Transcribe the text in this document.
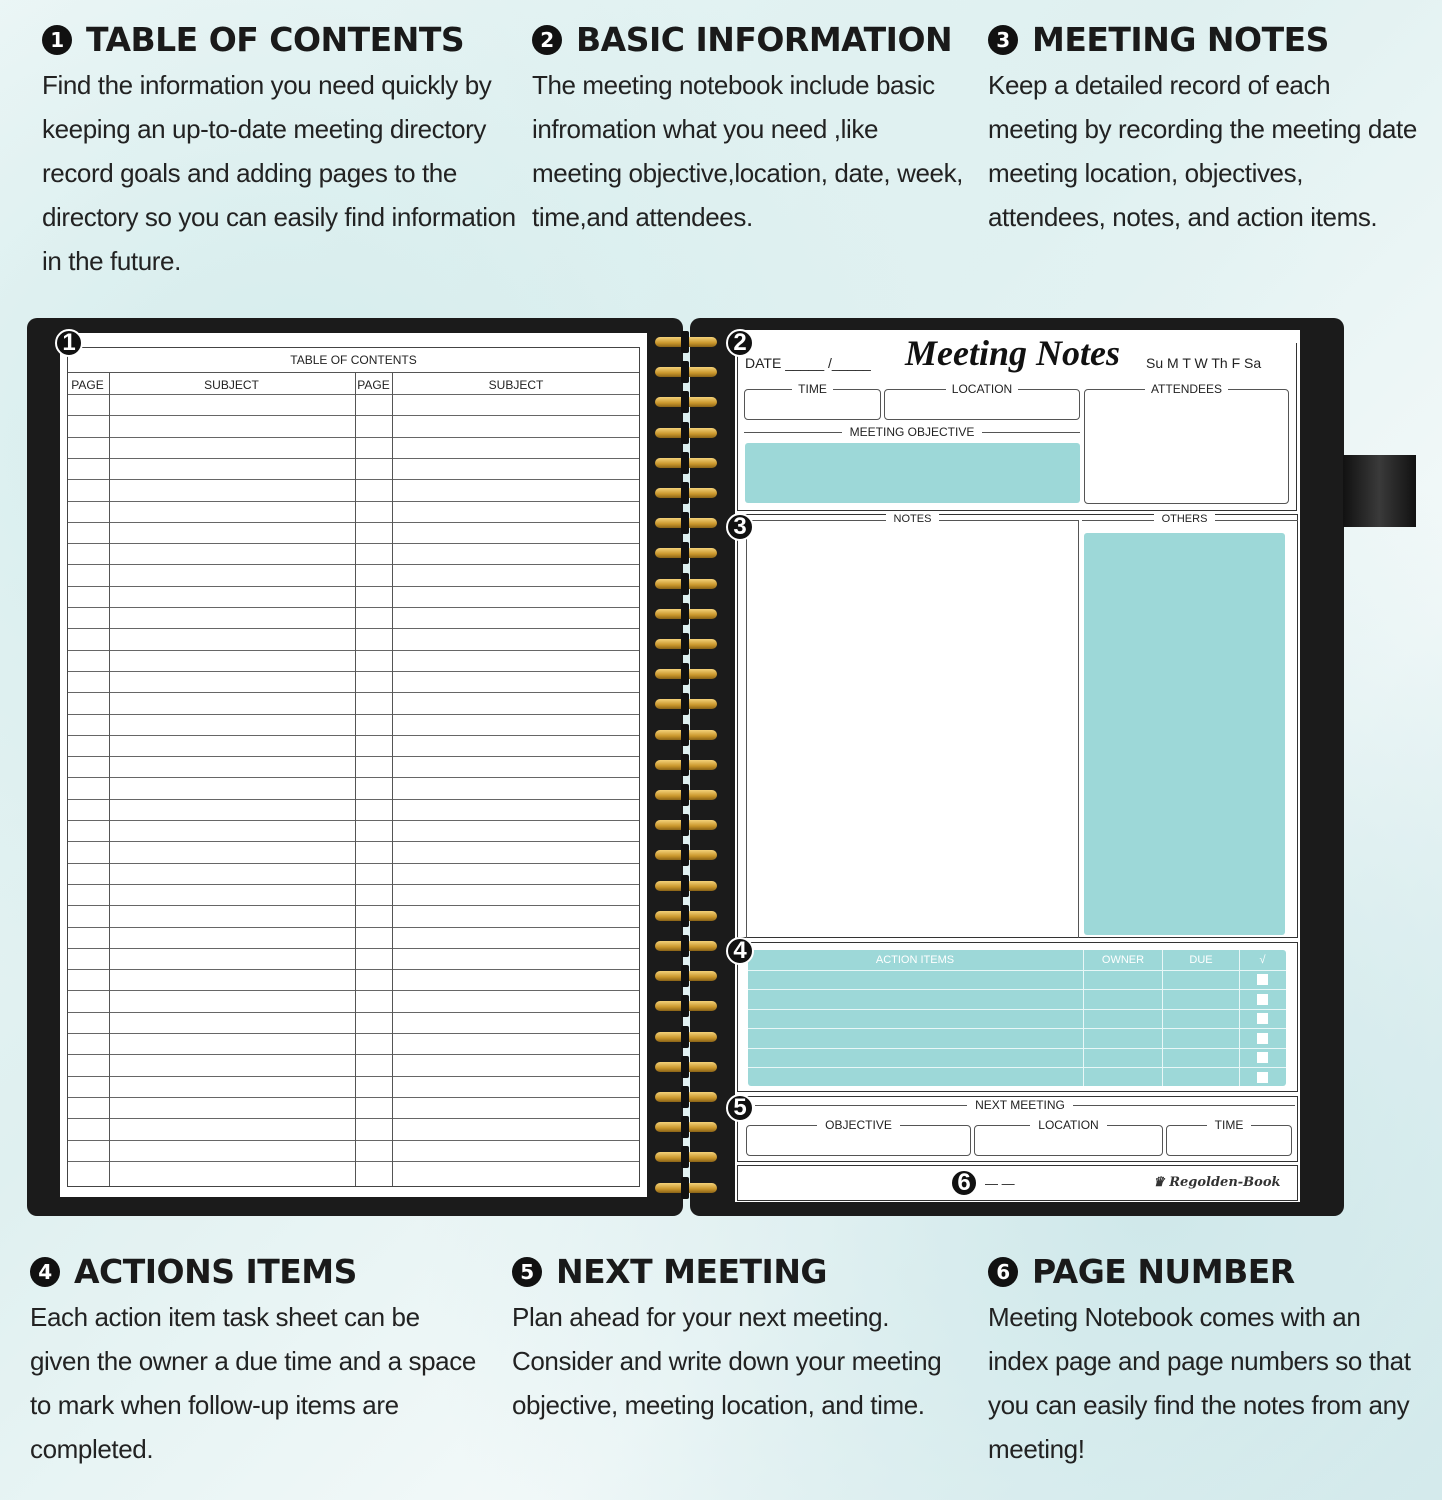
1 TABLE OF CONTENTS

Find the information you need quickly by keeping an up-to-date meeting directory record goals and adding pages to the directory so you can easily find information in the future.

2 BASIC INFORMATION

The meeting notebook include basic infromation what you need ,like meeting objective,location, date, week, time,and attendees.

3 MEETING NOTES

Keep a detailed record of each meeting by recording the meeting date meeting location, objectives, attendees, notes, and action items.

4 ACTIONS ITEMS

Each action item task sheet can be given the owner a due time and a space to mark when follow-up items are completed.

5 NEXT MEETING

Plan ahead for your next meeting. Consider and write down your meeting objective, meeting location, and time.

6 PAGE NUMBER

Meeting Notebook comes with an index page and page numbers so that you can easily find the notes from any meeting!

TABLE OF CONTENTS
PAGE	SUBJECT	PAGE	SUBJECT
1
DATE _____ /_____ Meeting Notes Su M T W Th F Sa
TIME	LOCATION	ATTENDEES
MEETING OBJECTIVE
NOTES	OTHERS
ACTION ITEMS	OWNER	DUE	√
NEXT MEETING
OBJECTIVE	LOCATION	TIME
— —	♛ Regolden-Book
2
3
4
5
6
